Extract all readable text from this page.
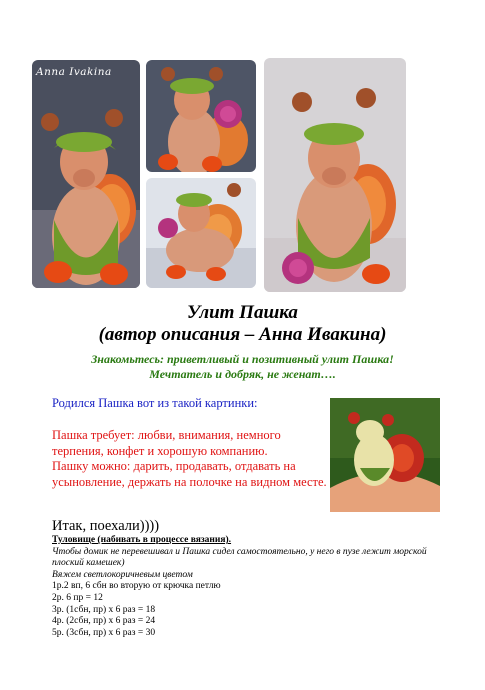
Anna Ivakina
Улит Пашка
(автор описания – Анна Ивакина)
Знакомьтесь: приветливый и позитивный улит Пашка!
Мечтатель и добряк, не женат….
Родился Пашка вот из такой картинки:

Пашка требует: любви, внимания, немного терпения, конфет и хорошую компанию.

Пашку можно: дарить, продавать, отдавать на усыновление, держать на полочке на видном месте.

Итак, поехали))))
Туловище (набивать в процессе вязания).
Чтобы домик не перевешивал и Пашка сидел самостоятельно, у него в пузе лежит морской плоский камешек)
Вяжем светлокоричневым цветом
1р.2 вп, 6 сбн во вторую от крючка петлю
2р. 6 пр = 12
3р. (1сбн, пр) х 6 раз = 18
4р. (2сбн, пр) х 6 раз = 24
5р. (3сбн, пр) х 6 раз = 30
